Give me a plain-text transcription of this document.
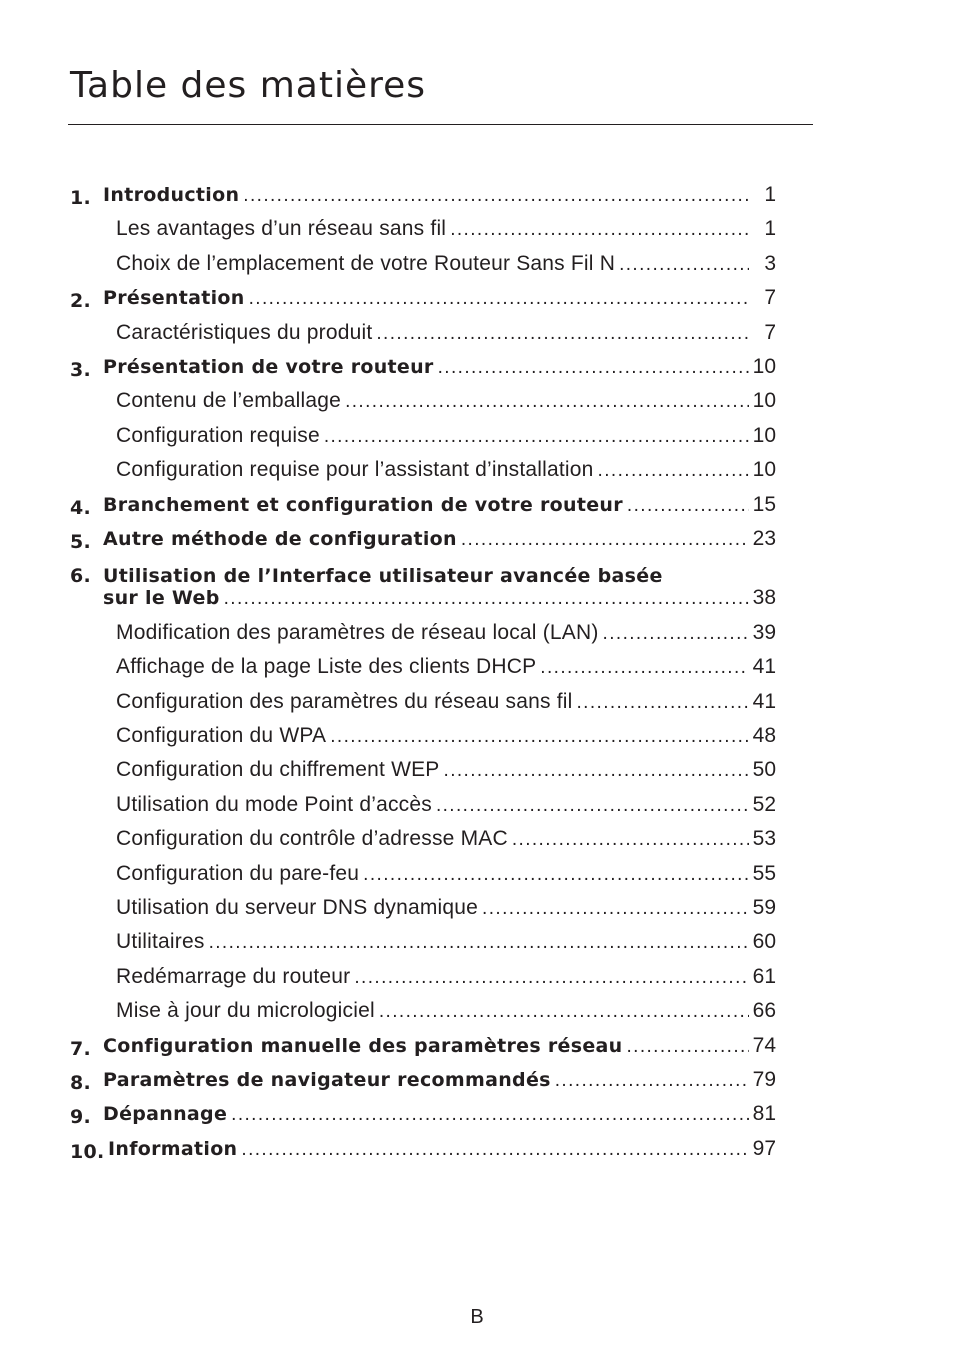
Table des matières
1. Introduction .....	1
Les avantages d’un réseau sans fil .....	1
Choix de l’emplacement de votre Routeur Sans Fil N .....	3
2. Présentation .....	7
Caractéristiques du produit .....	7
3. Présentation de votre routeur .....	10
Contenu de l’emballage .....	10
Configuration requise .....	10
Configuration requise pour l’assistant d’installation .....	10
4. Branchement et configuration de votre routeur .....	15
5. Autre méthode de configuration .....	23
6. Utilisation de l’Interface utilisateur avancée basée
sur le Web .....	38
Modification des paramètres de réseau local (LAN) .....	39
Affichage de la page Liste des clients DHCP .....	41
Configuration des paramètres du réseau sans fil .....	41
Configuration du WPA .....	48
Configuration du chiffrement WEP .....	50
Utilisation du mode Point d’accès .....	52
Configuration du contrôle d’adresse MAC .....	53
Configuration du pare-feu .....	55
Utilisation du serveur DNS dynamique .....	59
Utilitaires .....	60
Redémarrage du routeur .....	61
Mise à jour du micrologiciel .....	66
7. Configuration manuelle des paramètres réseau .....	74
8. Paramètres de navigateur recommandés .....	79
9. Dépannage .....	81
10. Information .....	97
B
